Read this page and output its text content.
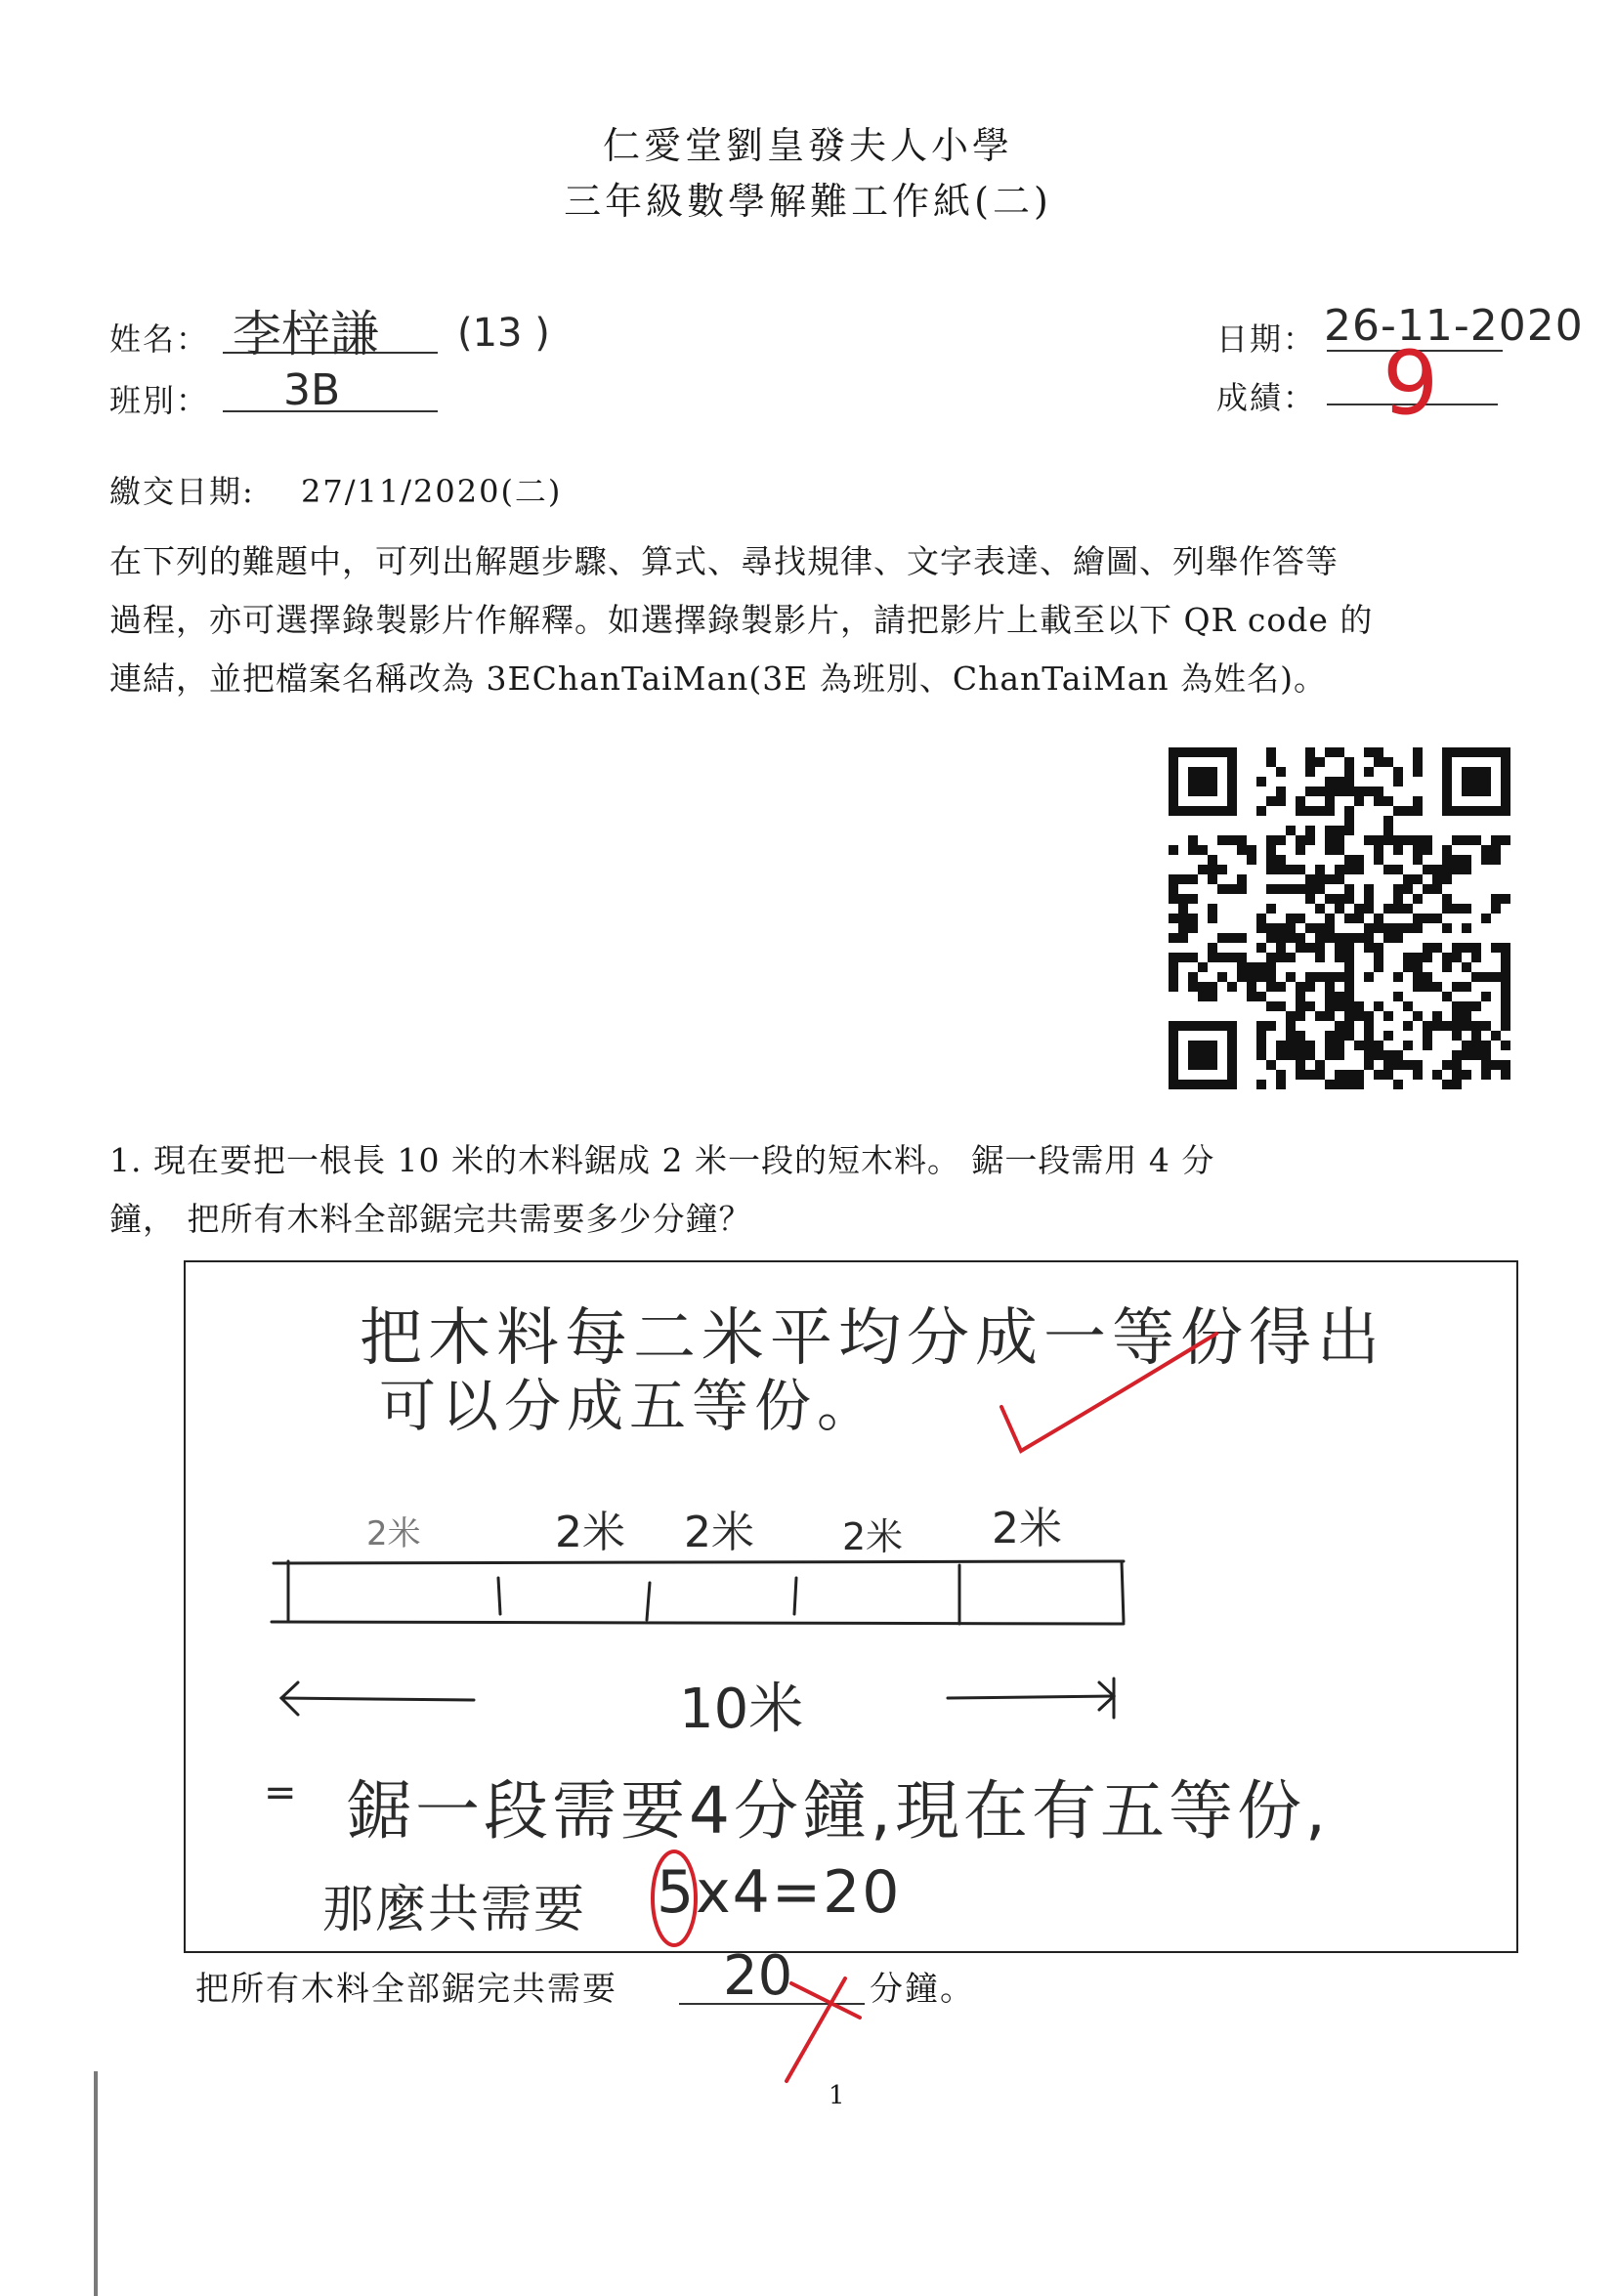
仁愛堂劉皇發夫人小學
三年級數學解難工作紙(二)
姓名： 李梓謙 (13 )
班別： 3B
日期： 26-11-2020
成績： 9
繳交日期: 27/11/2020(二)
在下列的難題中，可列出解題步驟、算式、尋找規律、文字表達、繪圖、列舉作答等
過程，亦可選擇錄製影片作解釋。如選擇錄製影片，請把影片上載至以下 QR code 的
連結，並把檔案名稱改為 3EChanTaiMan(3E 為班別、ChanTaiMan 為姓名)。
1. 現在要把一根長 10 米的木料鋸成 2 米一段的短木料。 鋸一段需用 4 分
鐘， 把所有木料全部鋸完共需要多少分鐘？
把木料每二米平均分成一等份得出
可以分成五等份。
2米	2米 2米 2米 2米
10米
= 鋸一段需要4分鐘,現在有五等份,
那麼共需要 5x4=20
把所有木料全部鋸完共需要 20 分鐘。
1
